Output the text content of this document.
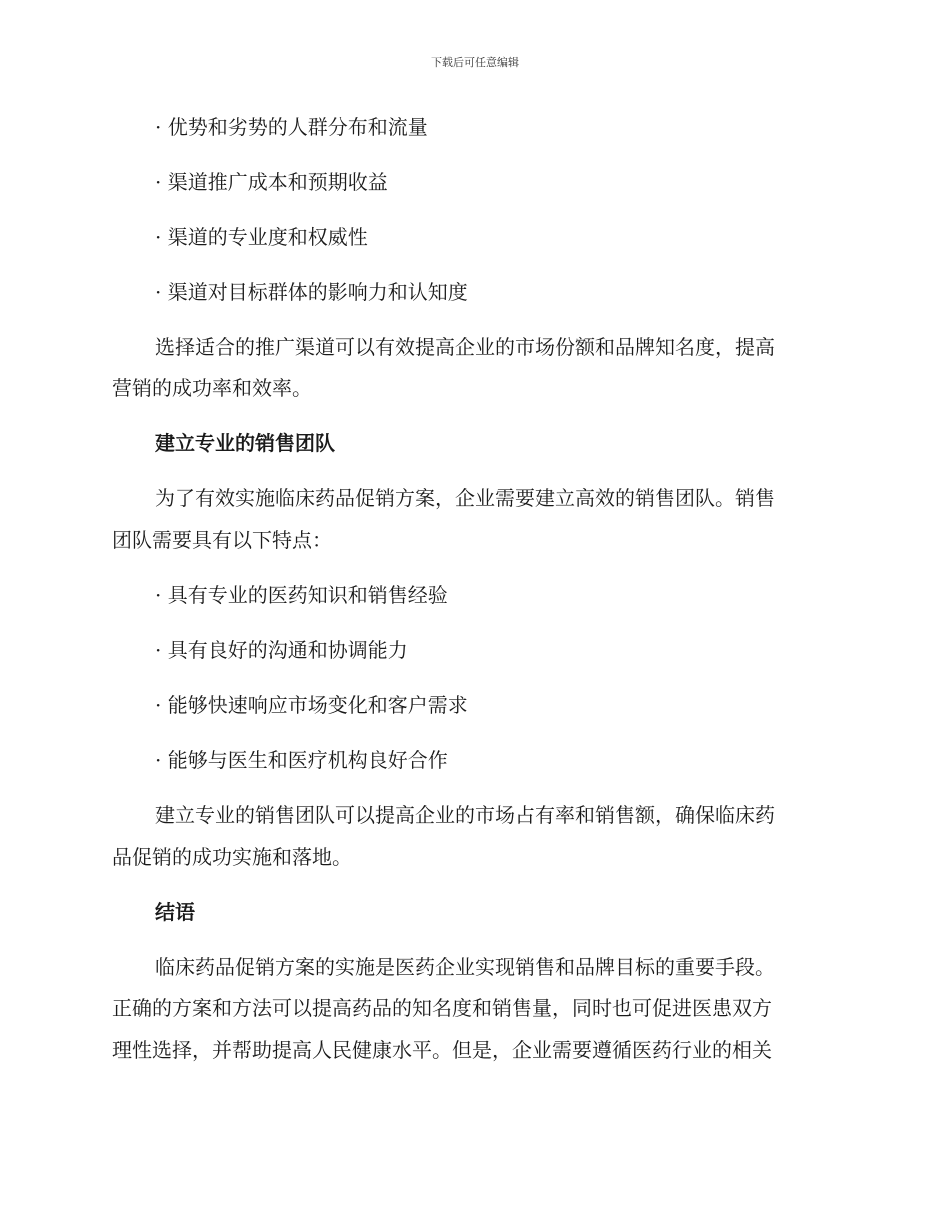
下载后可任意编辑
· 优势和劣势的人群分布和流量
· 渠道推广成本和预期收益
· 渠道的专业度和权威性
· 渠道对目标群体的影响力和认知度
选择适合的推广渠道可以有效提高企业的市场份额和品牌知名度，提高
营销的成功率和效率。
建立专业的销售团队
为了有效实施临床药品促销方案，企业需要建立高效的销售团队。销售
团队需要具有以下特点：
· 具有专业的医药知识和销售经验
· 具有良好的沟通和协调能力
· 能够快速响应市场变化和客户需求
· 能够与医生和医疗机构良好合作
建立专业的销售团队可以提高企业的市场占有率和销售额，确保临床药
品促销的成功实施和落地。
结语
临床药品促销方案的实施是医药企业实现销售和品牌目标的重要手段。
正确的方案和方法可以提高药品的知名度和销售量，同时也可促进医患双方
理性选择，并帮助提高人民健康水平。但是，企业需要遵循医药行业的相关
